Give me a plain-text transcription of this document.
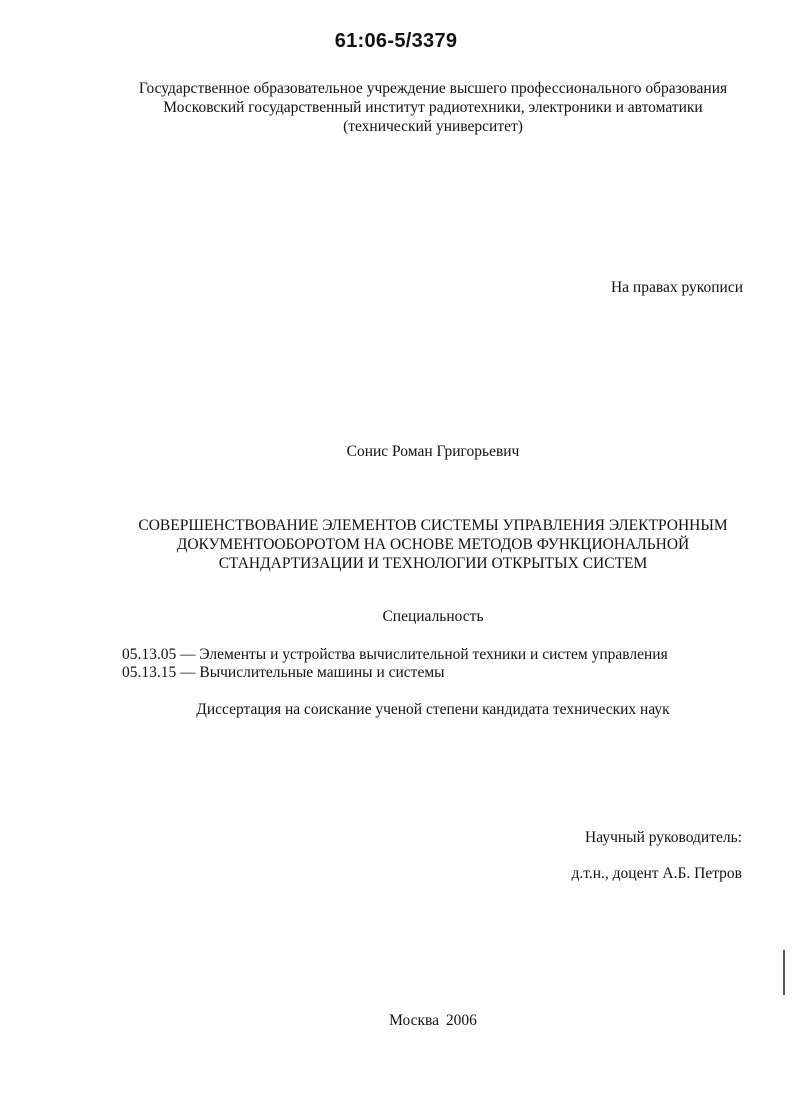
61:06-5/3379
Государственное образовательное учреждение высшего профессионального образования
Московский государственный институт радиотехники, электроники и автоматики
(технический университет)
На правах рукописи
Сонис Роман Григорьевич
СОВЕРШЕНСТВОВАНИЕ ЭЛЕМЕНТОВ СИСТЕМЫ УПРАВЛЕНИЯ ЭЛЕКТРОННЫМ
ДОКУМЕНТООБОРОТОМ НА ОСНОВЕ МЕТОДОВ ФУНКЦИОНАЛЬНОЙ
СТАНДАРТИЗАЦИИ И ТЕХНОЛОГИИ ОТКРЫТЫХ СИСТЕМ
Специальность
05.13.05 — Элементы и устройства вычислительной техники и систем управления
05.13.15 — Вычислительные машины и системы
Диссертация на соискание ученой степени кандидата технических наук
Научный руководитель:
д.т.н., доцент А.Б. Петров
Москва 2006
